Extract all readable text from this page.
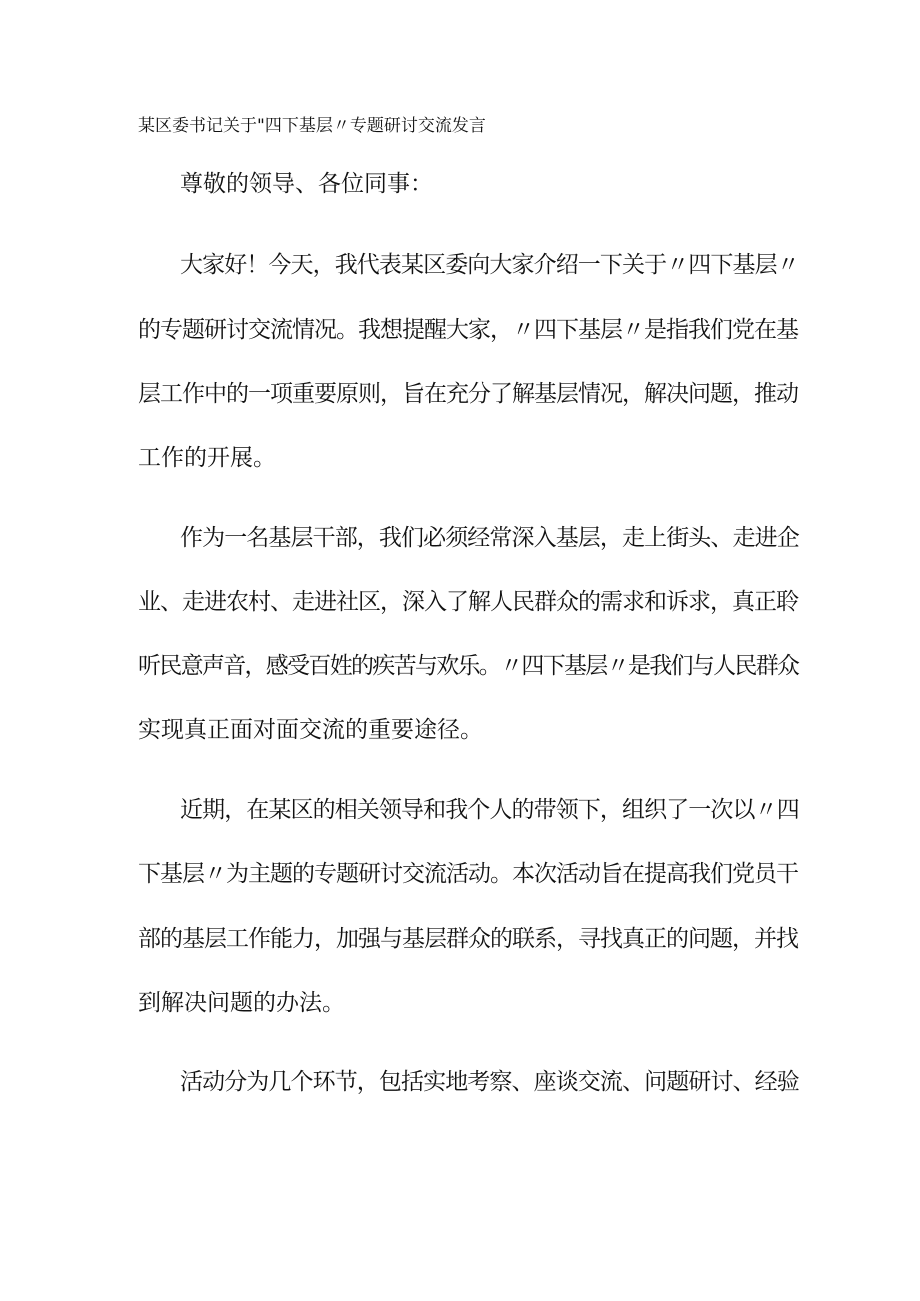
某区委书记关于"四下基层〃专题研讨交流发言
尊敬的领导、各位同事：
大家好！今天，我代表某区委向大家介绍一下关于〃四下基层〃
的专题研讨交流情况。我想提醒大家，〃四下基层〃是指我们党在基
层工作中的一项重要原则，旨在充分了解基层情况，解决问题，推动
工作的开展。
作为一名基层干部，我们必须经常深入基层，走上街头、走进企
业、走进农村、走进社区，深入了解人民群众的需求和诉求，真正聆
听民意声音，感受百姓的疾苦与欢乐。〃四下基层〃是我们与人民群众
实现真正面对面交流的重要途径。
近期，在某区的相关领导和我个人的带领下，组织了一次以〃四
下基层〃为主题的专题研讨交流活动。本次活动旨在提高我们党员干
部的基层工作能力，加强与基层群众的联系，寻找真正的问题，并找
到解决问题的办法。
活动分为几个环节，包括实地考察、座谈交流、问题研讨、经验
